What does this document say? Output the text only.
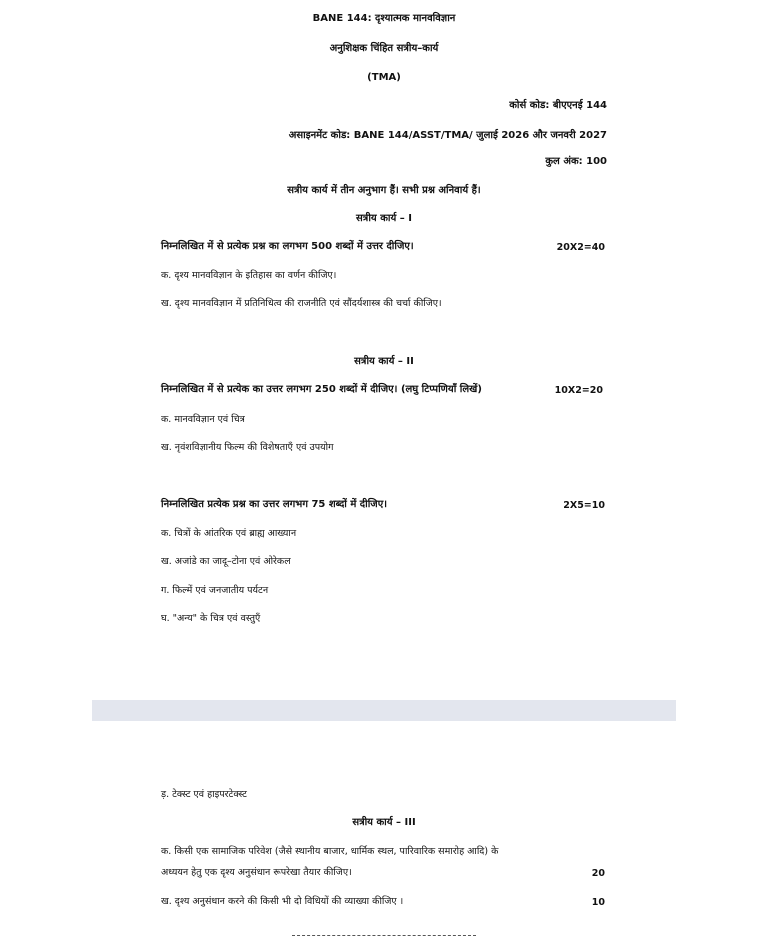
BANE 144: दृश्यात्मक मानवविज्ञान
अनुशिक्षक चिंहित सत्रीय–कार्य
(TMA)
कोर्स कोड: बीएएनई 144
असाइनमेंट कोड: BANE 144/ASST/TMA/ जुलाई 2026 और जनवरी 2027
कुल अंक: 100
सत्रीय कार्य में तीन अनुभाग हैं। सभी प्रश्न अनिवार्य हैं।
सत्रीय कार्य – I
निम्नलिखित में से प्रत्येक प्रश्न का लगभग 500 शब्दों में उत्तर दीजिए।	20X2=40
क. दृश्य मानवविज्ञान के इतिहास का वर्णन कीजिए।
ख. दृश्य मानवविज्ञान में प्रतिनिधित्व की राजनीति एवं सौंदर्यशास्त्र की चर्चा कीजिए।
सत्रीय कार्य – II
निम्नलिखित में से प्रत्येक का उत्तर लगभग 250 शब्दों में दीजिए। (लघु टिप्पणियाँ लिखें)	10X2=20
क. मानवविज्ञान एवं चित्र
ख. नृवंशविज्ञानीय फिल्म की विशेषताएँ एवं उपयोग
निम्नलिखित प्रत्येक प्रश्न का उत्तर लगभग 75 शब्दों में दीजिए।	2X5=10
क. चित्रों के आंतरिक एवं ब्राह्य आख्यान
ख. अजांडे का जादू–टोना एवं ओरेकल
ग. फिल्में एवं जनजातीय पर्यटन
घ. "अन्य" के चित्र एवं वस्तुएँ
ड़. टेक्स्ट एवं हाइपरटेक्स्ट
सत्रीय कार्य – III
क. किसी एक सामाजिक परिवेश (जैसे स्थानीय बाजार, धार्मिक स्थल, पारिवारिक समारोह आदि) के
अध्ययन हेतु एक दृश्य अनुसंधान रूपरेखा तैयार कीजिए।	20
ख. दृश्य अनुसंधान करने की किसी भी दो विधियों की व्याख्या कीजिए ।	10
